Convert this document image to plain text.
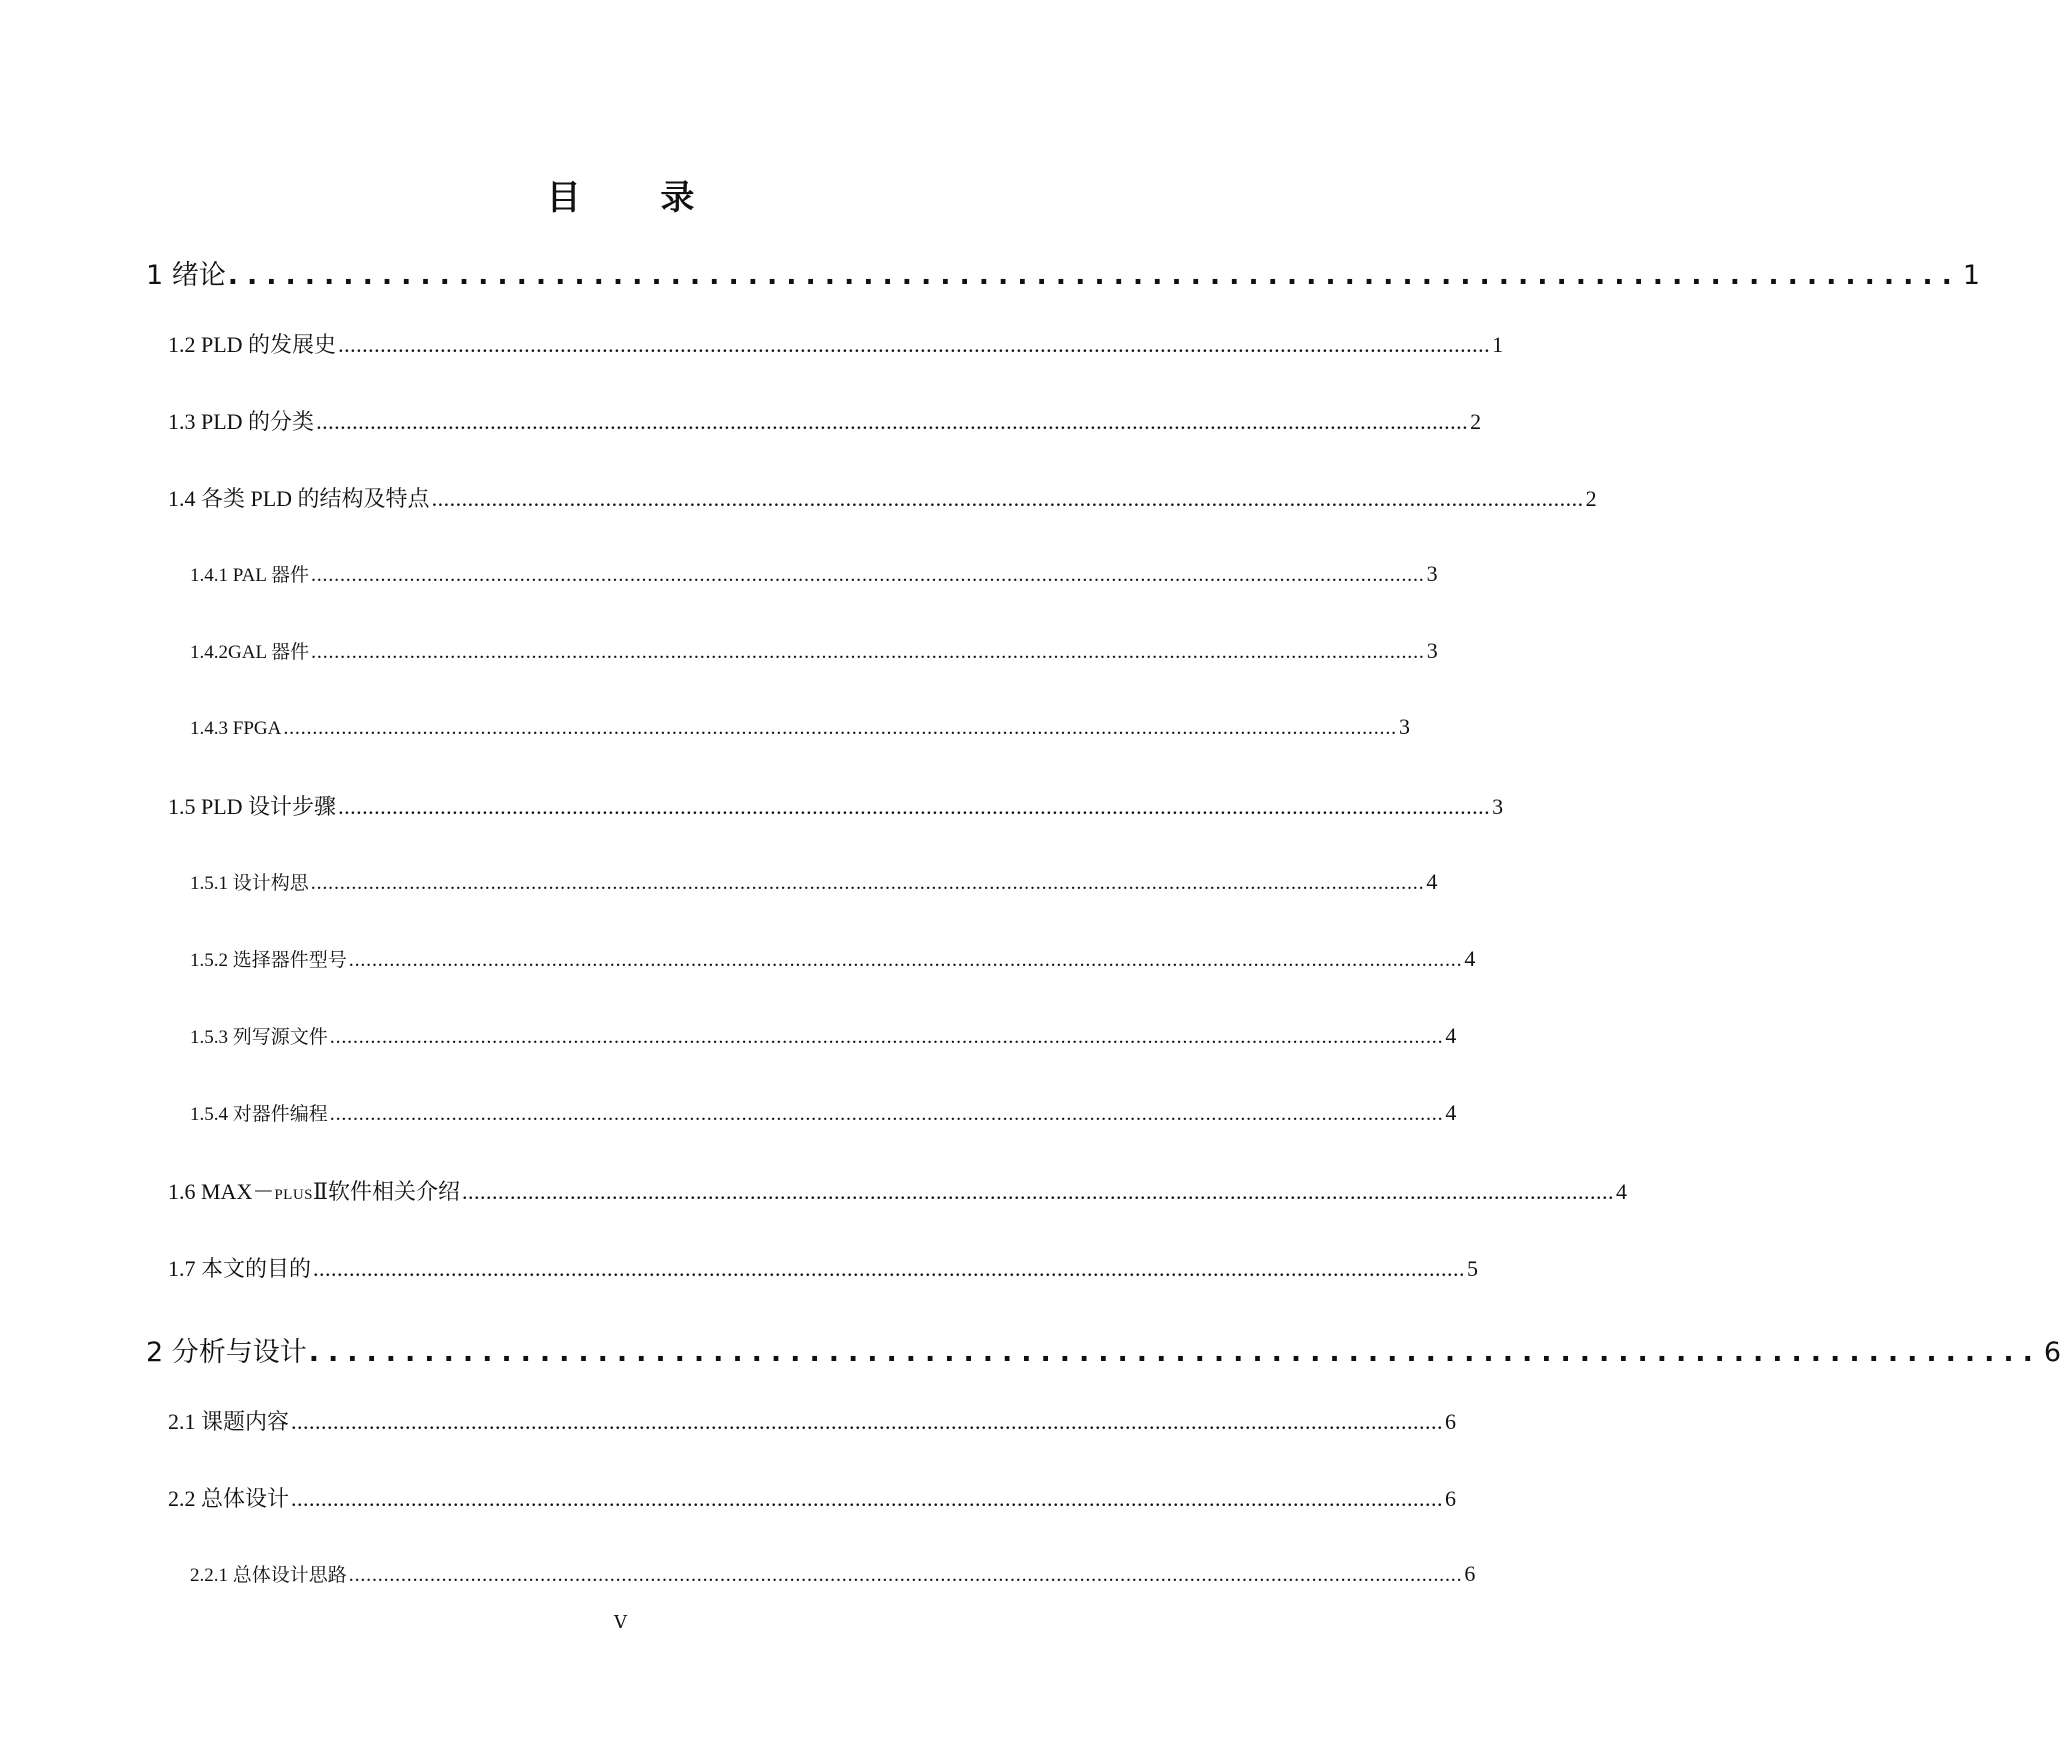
目 录
1 绪论 .......................................................................................... 1
1.2 PLD 的发展史 ................................................................................................................................................................................................ 1
1.3 PLD 的分类 ................................................................................................................................................................................................ 2
1.4 各类 PLD 的结构及特点 ................................................................................................................................................................................................ 2
1.4.1 PAL 器件 ................................................................................................................................................................................................ 3
1.4.2GAL 器件 ................................................................................................................................................................................................ 3
1.4.3 FPGA ................................................................................................................................................................................................ 3
1.5 PLD 设计步骤 ................................................................................................................................................................................................ 3
1.5.1 设计构思 ................................................................................................................................................................................................ 4
1.5.2 选择器件型号 ................................................................................................................................................................................................ 4
1.5.3 列写源文件 ................................................................................................................................................................................................ 4
1.5.4 对器件编程 ................................................................................................................................................................................................ 4
1.6 MAX－PLUSⅡ软件相关介绍 ................................................................................................................................................................................................ 4
1.7 本文的目的 ................................................................................................................................................................................................ 5
2 分析与设计 .......................................................................................... 6
2.1 课题内容 ................................................................................................................................................................................................ 6
2.2 总体设计 ................................................................................................................................................................................................ 6
2.2.1 总体设计思路 ................................................................................................................................................................................................ 6
V
